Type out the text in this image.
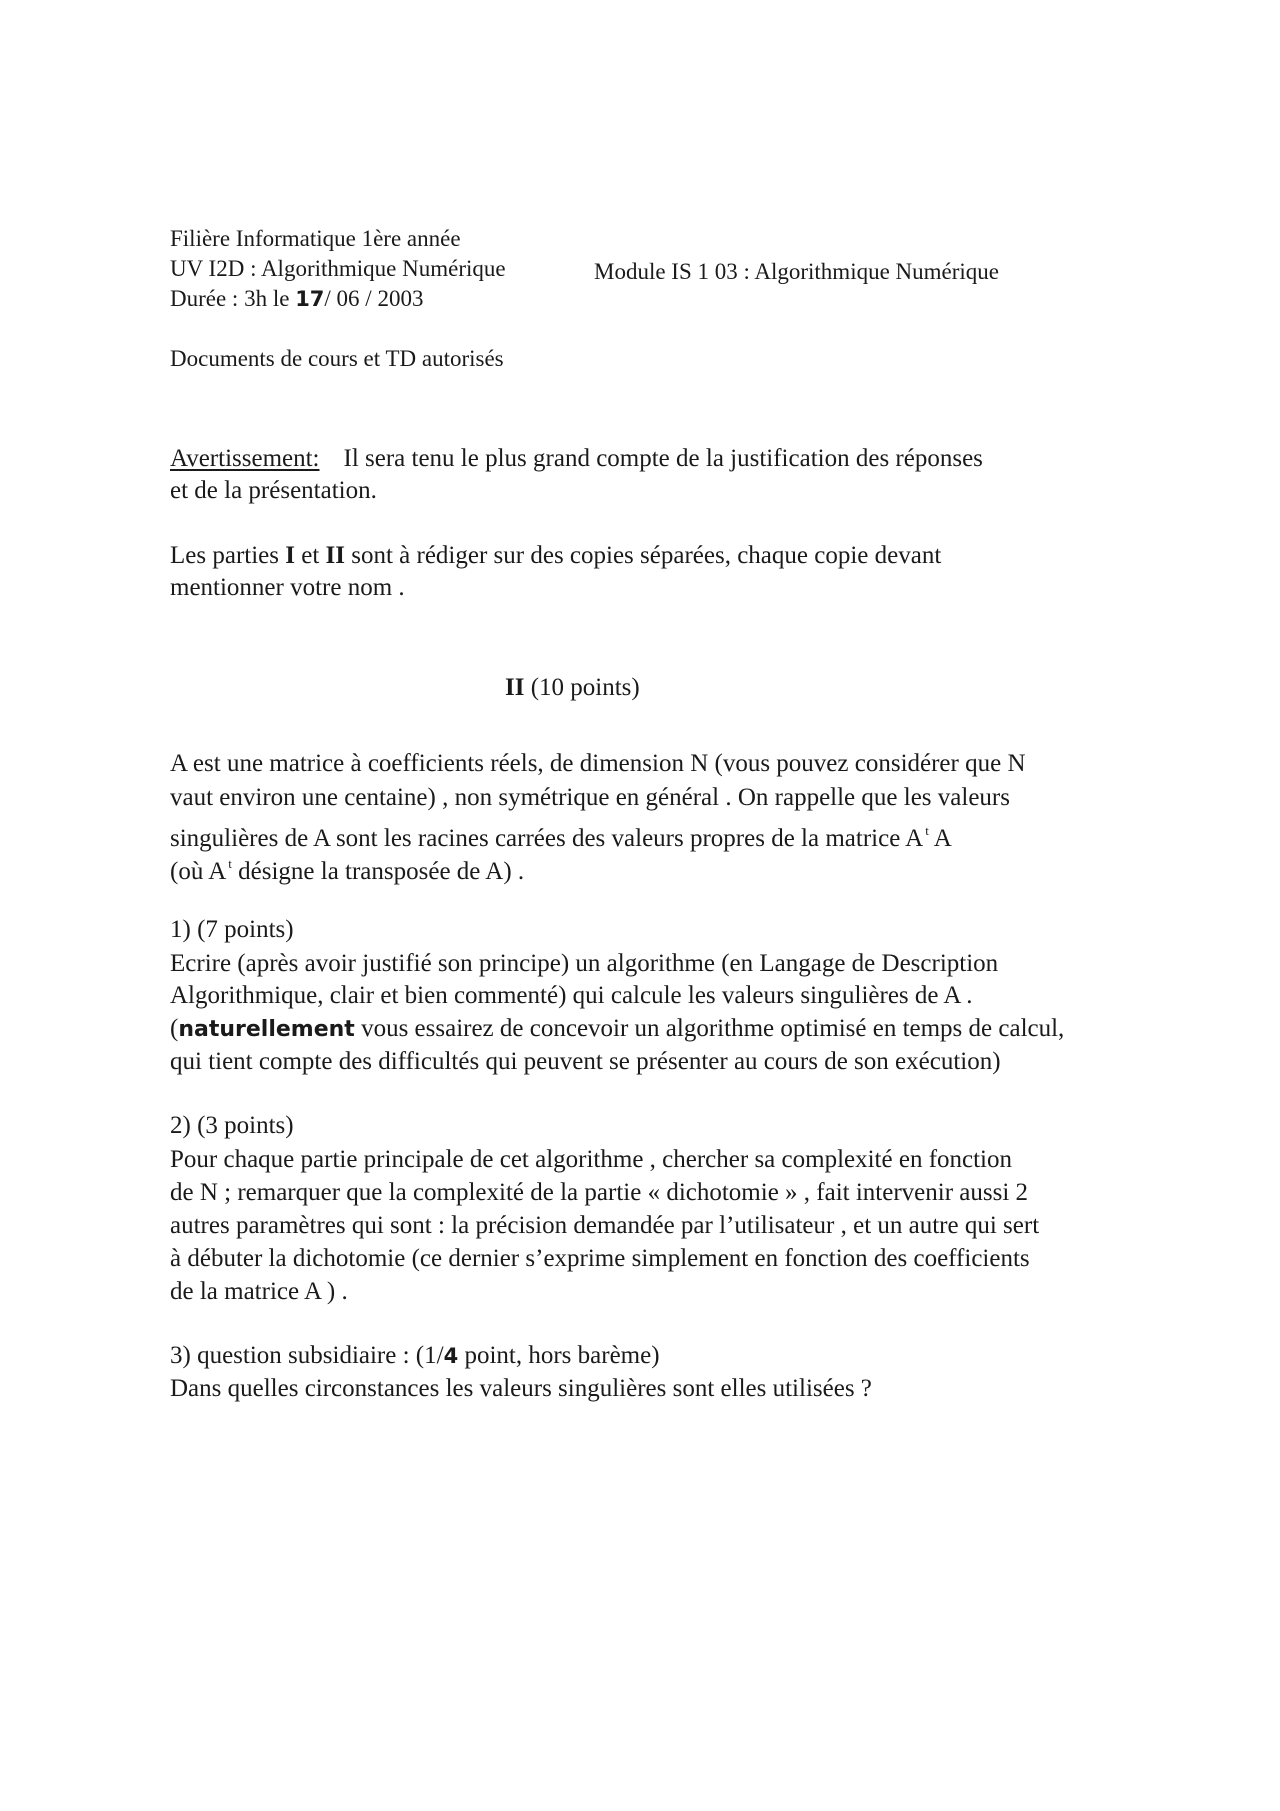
Filière Informatique 1ère année
UV I2D : Algorithmique Numérique	Module IS 1 03 : Algorithmique Numérique
Durée : 3h le 17/ 06 / 2003
Documents de cours et TD autorisés
Avertissement: Il sera tenu le plus grand compte de la justification des réponses
et de la présentation.
Les parties I et II sont à rédiger sur des copies séparées, chaque copie devant
mentionner votre nom .
II (10 points)
A est une matrice à coefficients réels, de dimension N (vous pouvez considérer que N
vaut environ une centaine) , non symétrique en général . On rappelle que les valeurs
singulières de A sont les racines carrées des valeurs propres de la matrice A $^t$ A
(où A $^t$ désigne la transposée de A) .
1) (7 points)
Ecrire (après avoir justifié son principe) un algorithme (en Langage de Description
Algorithmique, clair et bien commenté) qui calcule les valeurs singulières de A .
(naturellement vous essairez de concevoir un algorithme optimisé en temps de calcul,
qui tient compte des difficultés qui peuvent se présenter au cours de son exécution)
2) (3 points)
Pour chaque partie principale de cet algorithme , chercher sa complexité en fonction
de N ; remarquer que la complexité de la partie « dichotomie » , fait intervenir aussi 2
autres paramètres qui sont : la précision demandée par l’utilisateur , et un autre qui sert
à débuter la dichotomie (ce dernier s’exprime simplement en fonction des coefficients
de la matrice A ) .
3) question subsidiaire : (1/4 point, hors barème)
Dans quelles circonstances les valeurs singulières sont elles utilisées ?
